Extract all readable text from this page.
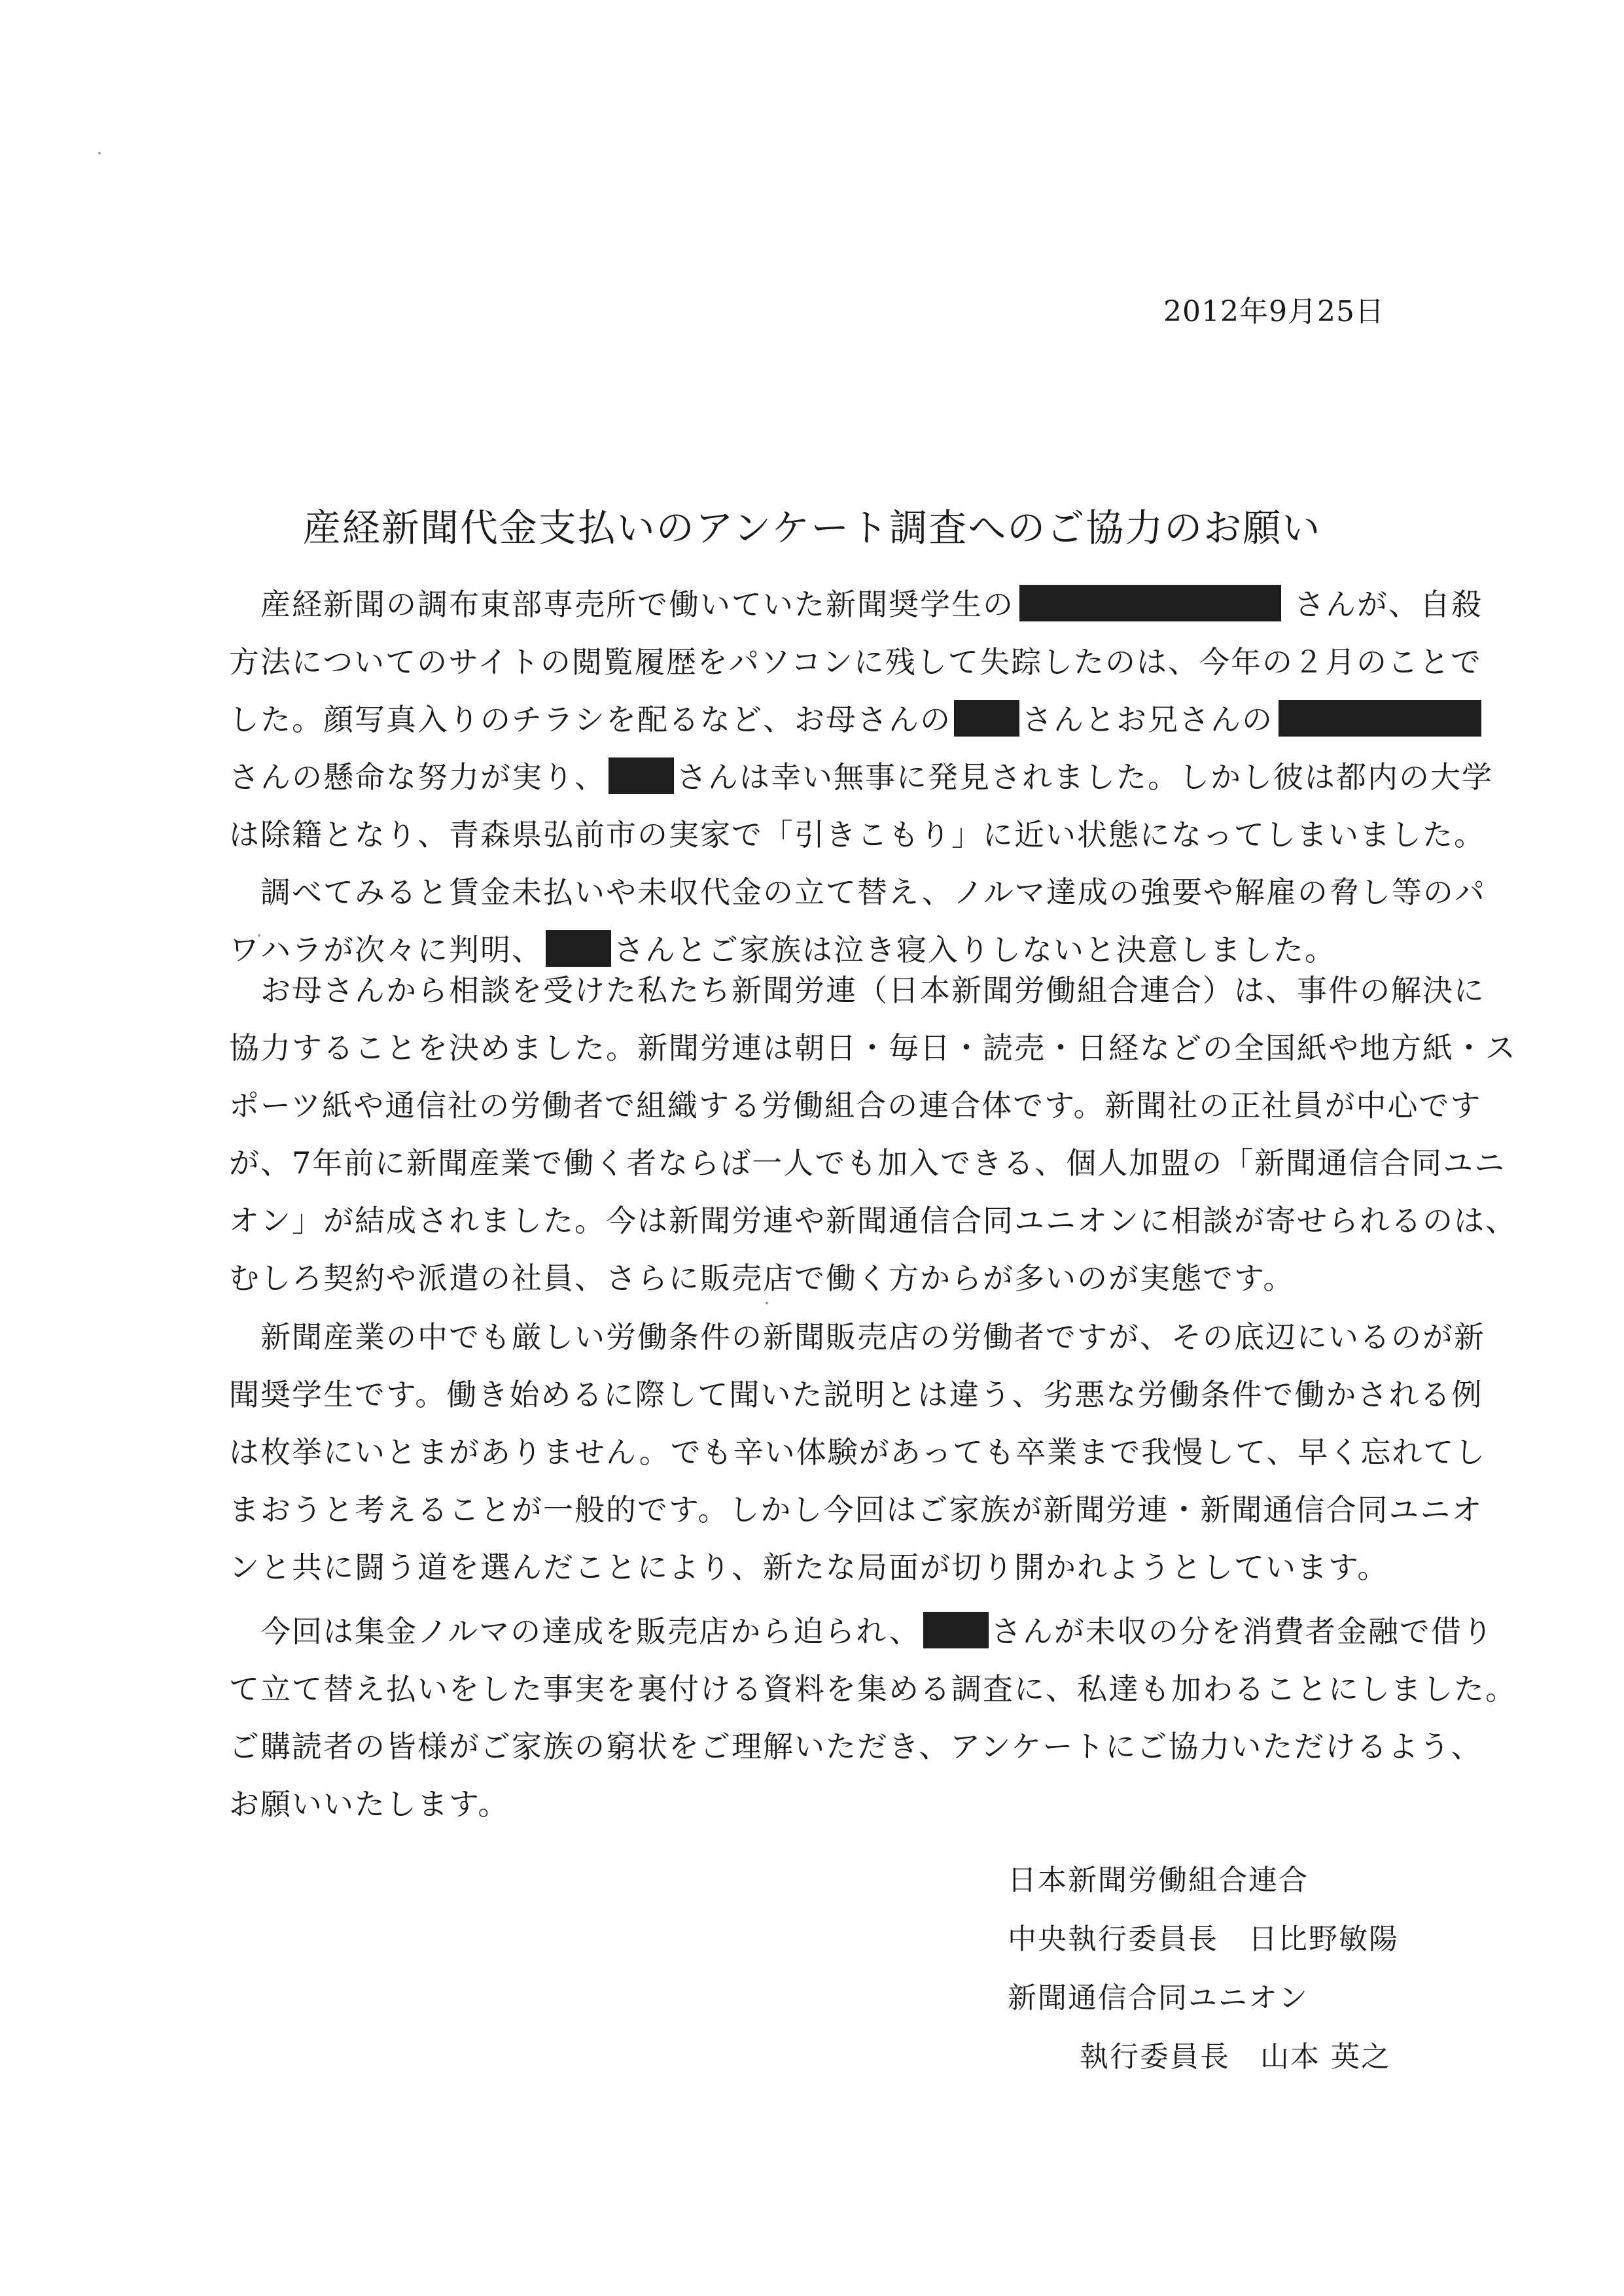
2012年9月25日
産経新聞代金支払いのアンケート調査へのご協力のお願い
産経新聞の調布東部専売所で働いていた新聞奨学生の	さんが、自殺
方法についてのサイトの閲覧履歴をパソコンに残して失踪したのは、今年の２月のことで
した。顔写真入りのチラシを配るなど、お母さんの さんとお兄さんの
さんの懸命な努力が実り、 さんは幸い無事に発見されました。しかし彼は都内の大学
は除籍となり、青森県弘前市の実家で「引きこもり」に近い状態になってしまいました。
調べてみると賃金未払いや未収代金の立て替え、ノルマ達成の強要や解雇の脅し等のパ
ワハラが次々に判明、 さんとご家族は泣き寝入りしないと決意しました。
お母さんから相談を受けた私たち新聞労連（日本新聞労働組合連合）は、事件の解決に
協力することを決めました。新聞労連は朝日・毎日・読売・日経などの全国紙や地方紙・ス
ポーツ紙や通信社の労働者で組織する労働組合の連合体です。新聞社の正社員が中心です
が、7年前に新聞産業で働く者ならば一人でも加入できる、個人加盟の「新聞通信合同ユニ
オン」が結成されました。今は新聞労連や新聞通信合同ユニオンに相談が寄せられるのは、
むしろ契約や派遣の社員、さらに販売店で働く方からが多いのが実態です。
新聞産業の中でも厳しい労働条件の新聞販売店の労働者ですが、その底辺にいるのが新
聞奨学生です。働き始めるに際して聞いた説明とは違う、劣悪な労働条件で働かされる例
は枚挙にいとまがありません。でも辛い体験があっても卒業まで我慢して、早く忘れてし
まおうと考えることが一般的です。しかし今回はご家族が新聞労連・新聞通信合同ユニオ
ンと共に闘う道を選んだことにより、新たな局面が切り開かれようとしています。
今回は集金ノルマの達成を販売店から迫られ、 さんが未収の分を消費者金融で借り
て立て替え払いをした事実を裏付ける資料を集める調査に、私達も加わることにしました。
ご購読者の皆様がご家族の窮状をご理解いただき、アンケートにご協力いただけるよう、
お願いいたします。
日本新聞労働組合連合
中央執行委員長　日比野敏陽
新聞通信合同ユニオン
執行委員長　山本 英之
